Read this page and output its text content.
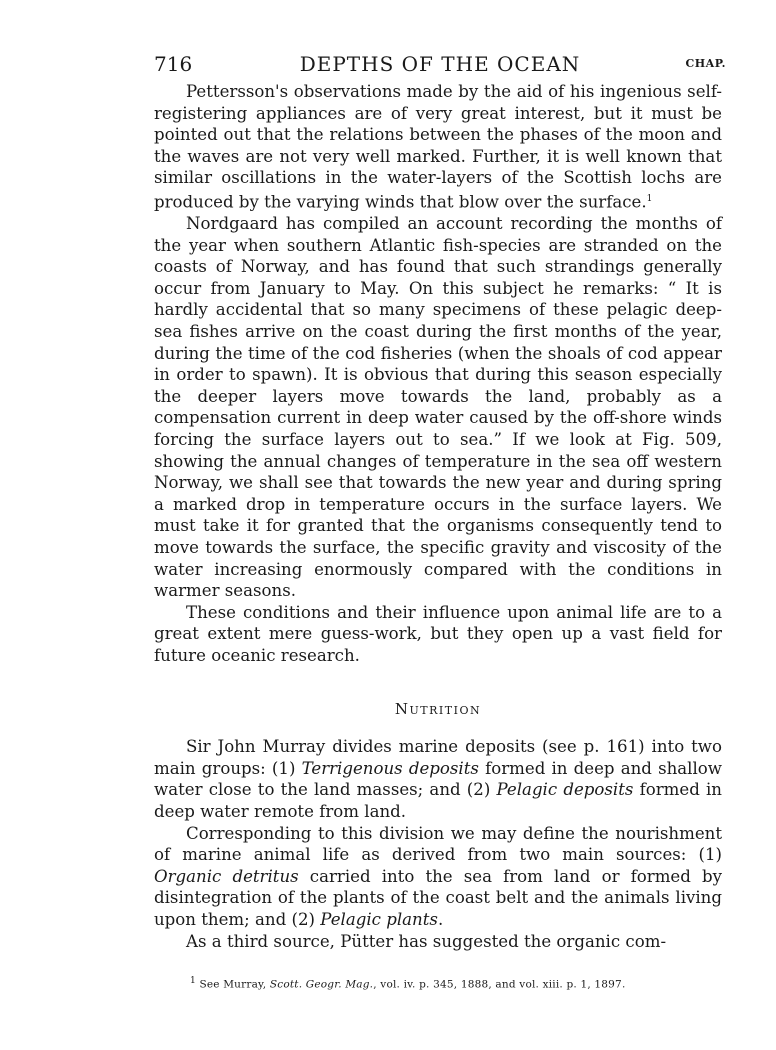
716	DEPTHS OF THE OCEAN	CHAP.

Pettersson's observations made by the aid of his ingenious self-registering appliances are of very great interest, but it must be pointed out that the relations between the phases of the moon and the waves are not very well marked. Further, it is well known that similar oscillations in the water-layers of the Scottish lochs are produced by the varying winds that blow over the surface.$^1$

Nordgaard has compiled an account recording the months of the year when southern Atlantic fish-species are stranded on the coasts of Norway, and has found that such strandings generally occur from January to May. On this subject he remarks: “ It is hardly accidental that so many specimens of these pelagic deep-sea fishes arrive on the coast during the first months of the year, during the time of the cod fisheries (when the shoals of cod appear in order to spawn). It is obvious that during this season especially the deeper layers move towards the land, probably as a compensation current in deep water caused by the off-shore winds forcing the surface layers out to sea.” If we look at Fig. 509, showing the annual changes of temperature in the sea off western Norway, we shall see that towards the new year and during spring a marked drop in temperature occurs in the surface layers. We must take it for granted that the organisms consequently tend to move towards the surface, the specific gravity and viscosity of the water increasing enormously compared with the conditions in warmer seasons.

These conditions and their influence upon animal life are to a great extent mere guess-work, but they open up a vast field for future oceanic research.

Nutrition

Sir John Murray divides marine deposits (see p. 161) into two main groups: (1) Terrigenous deposits formed in deep and shallow water close to the land masses; and (2) Pelagic deposits formed in deep water remote from land.

Corresponding to this division we may define the nourishment of marine animal life as derived from two main sources: (1) Organic detritus carried into the sea from land or formed by disintegration of the plants of the coast belt and the animals living upon them; and (2) Pelagic plants.

As a third source, Pütter has suggested the organic com-

$^1$ See Murray, Scott. Geogr. Mag., vol. iv. p. 345, 1888, and vol. xiii. p. 1, 1897.
